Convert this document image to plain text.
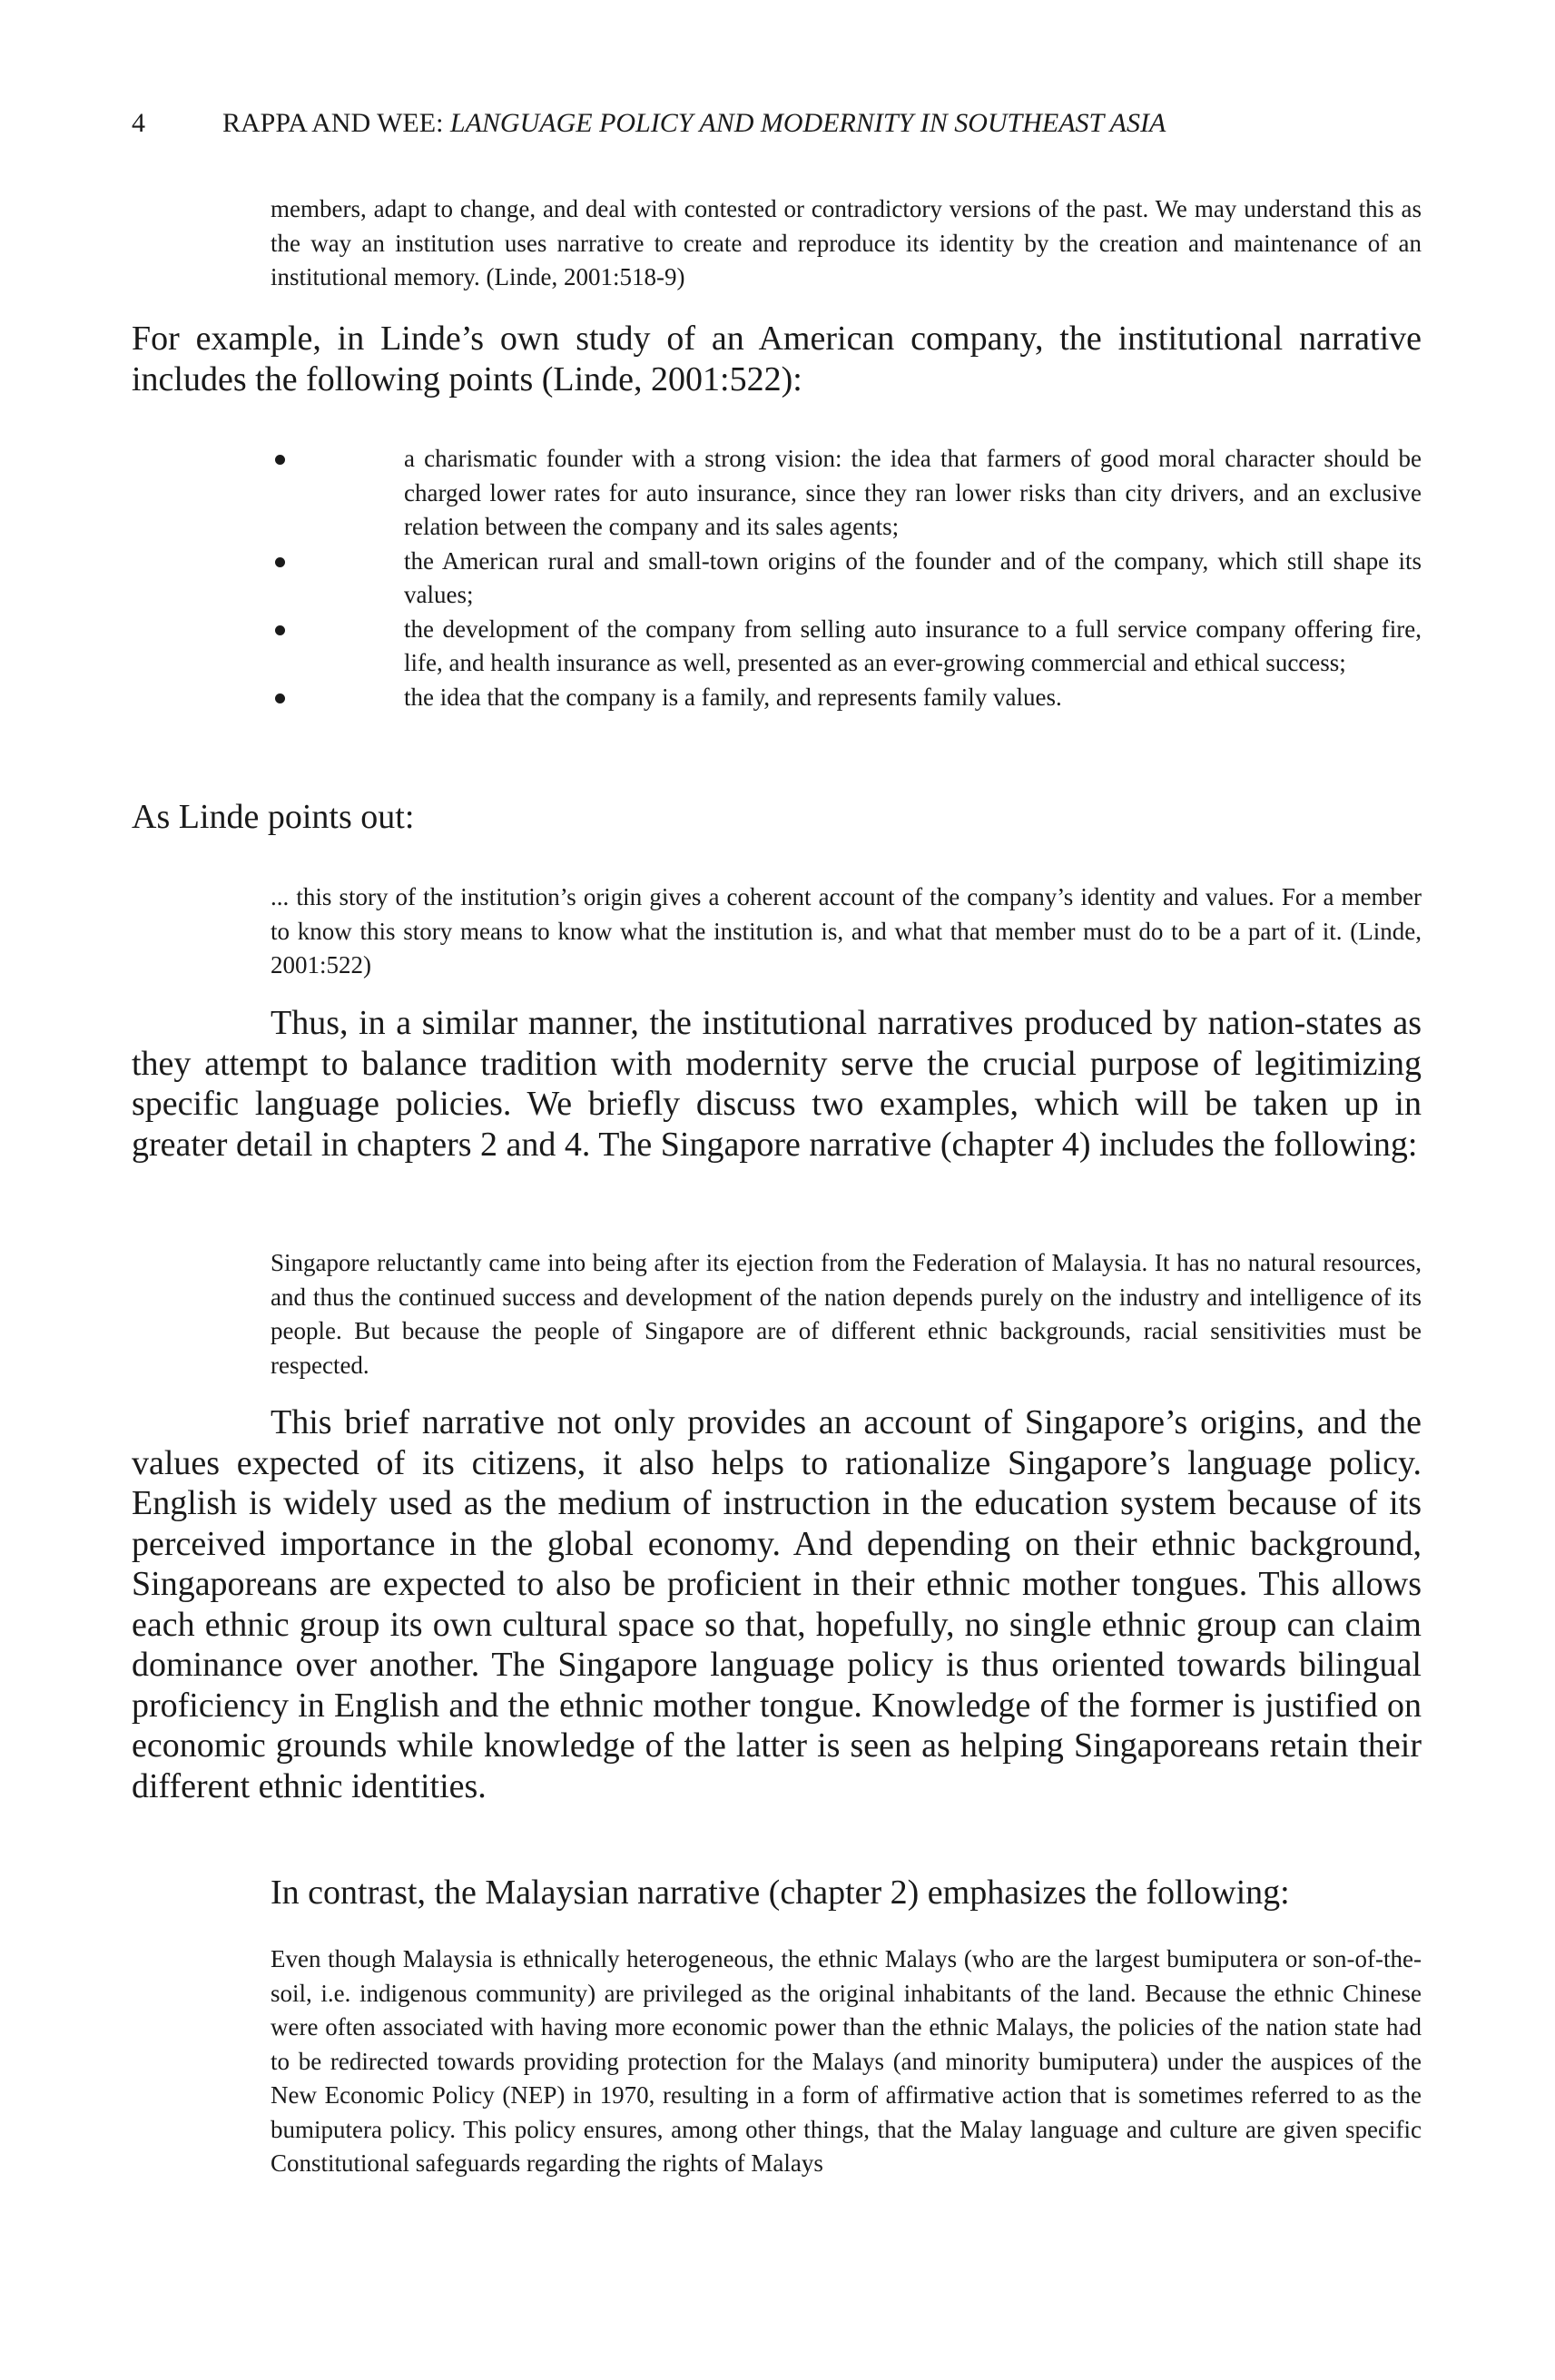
4	RAPPA AND WEE: LANGUAGE POLICY AND MODERNITY IN SOUTHEAST ASIA

members, adapt to change, and deal with contested or contradictory versions of the past. We may understand this as the way an institution uses narrative to create and reproduce its identity by the creation and maintenance of an institutional memory. (Linde, 2001:518-9)

For example, in Linde’s own study of an American company, the institutional narrative includes the following points (Linde, 2001:522):

a charismatic founder with a strong vision: the idea that farmers of good moral character should be charged lower rates for auto insurance, since they ran lower risks than city drivers, and an exclusive relation between the company and its sales agents;
the American rural and small-town origins of the founder and of the company, which still shape its values;
the development of the company from selling auto insurance to a full service company offering fire, life, and health insurance as well, presented as an ever-growing commercial and ethical success;
the idea that the company is a family, and represents family values.

As Linde points out:

... this story of the institution’s origin gives a coherent account of the company’s identity and values. For a member to know this story means to know what the institution is, and what that member must do to be a part of it. (Linde, 2001:522)

Thus, in a similar manner, the institutional narratives produced by nation-states as they attempt to balance tradition with modernity serve the crucial purpose of legitimizing specific language policies. We briefly discuss two examples, which will be taken up in greater detail in chapters 2 and 4. The Singapore narrative (chapter 4) includes the following:

Singapore reluctantly came into being after its ejection from the Federation of Malaysia. It has no natural resources, and thus the continued success and development of the nation depends purely on the industry and intelligence of its people. But because the people of Singapore are of different ethnic backgrounds, racial sensitivities must be respected.

This brief narrative not only provides an account of Singapore’s origins, and the values expected of its citizens, it also helps to rationalize Singapore’s language policy. English is widely used as the medium of instruction in the education system because of its perceived importance in the global economy. And depending on their ethnic background, Singaporeans are expected to also be proficient in their ethnic mother tongues. This allows each ethnic group its own cultural space so that, hopefully, no single ethnic group can claim dominance over another. The Singapore language policy is thus oriented towards bilingual proficiency in English and the ethnic mother tongue. Knowledge of the former is justified on economic grounds while knowledge of the latter is seen as helping Singaporeans retain their different ethnic identities.

In contrast, the Malaysian narrative (chapter 2) emphasizes the following:

Even though Malaysia is ethnically heterogeneous, the ethnic Malays (who are the largest bumiputera or son-of-the-soil, i.e. indigenous community) are privileged as the original inhabitants of the land. Because the ethnic Chinese were often associated with having more economic power than the ethnic Malays, the policies of the nation state had to be redirected towards providing protection for the Malays (and minority bumiputera) under the auspices of the New Economic Policy (NEP) in 1970, resulting in a form of affirmative action that is sometimes referred to as the bumiputera policy. This policy ensures, among other things, that the Malay language and culture are given specific Constitutional safeguards regarding the rights of Malays
